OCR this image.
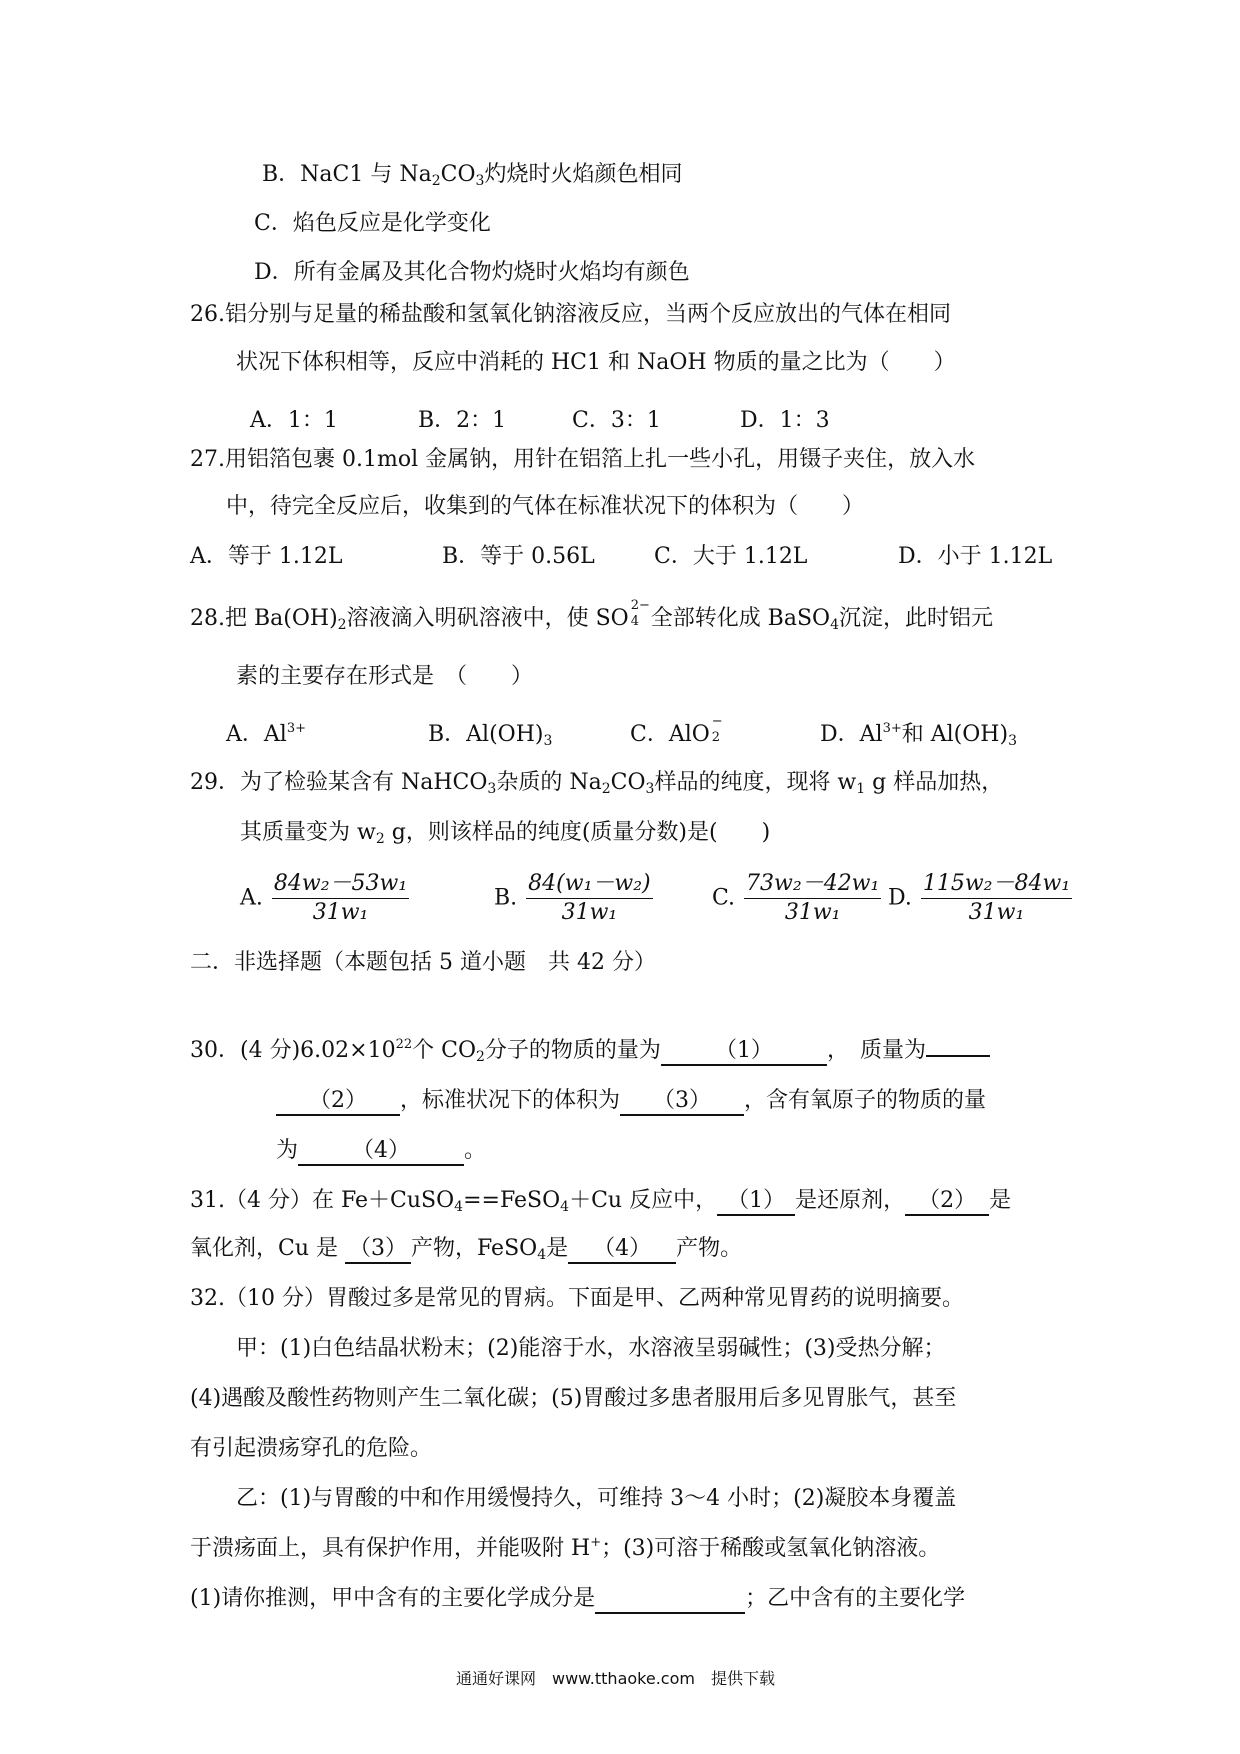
B．NaC1 与 $Na_2CO_3$灼烧时火焰颜色相同
C．焰色反应是化学变化
D．所有金属及其化合物灼烧时火焰均有颜色
26.铝分别与足量的稀盐酸和氢氧化钠溶液反应，当两个反应放出的气体在相同
状况下体积相等，反应中消耗的 HC1 和 NaOH 物质的量之比为（　　）
A．1：1	B．2：1	C．3：1	D．1：3
27.用铝箔包裹 0.1mol 金属钠，用针在铝箔上扎一些小孔，用镊子夹住，放入水
中，待完全反应后，收集到的气体在标准状况下的体积为（　　）
A．等于 1.12L	B．等于 0.56L	C．大于 1.12L	D．小于 1.12L
28.把 $Ba(OH)_2$溶液滴入明矾溶液中，使 SO
2−
4 全部转化成 BaSO$_4$沉淀，此时铝元
素的主要存在形式是　（　　）
A．$Al^{3+}$	B．$Al(OH)_3$	C．AlO
−
2	D．$Al^{3+}$和 $Al(OH)_3$
29．为了检验某含有 NaHCO$_3$杂质的 $Na_2CO_3$样品的纯度，现将 $w_1$ g 样品加热，
其质量变为 $w_2$ g，则该样品的纯度(质量分数)是(　　)
A. $\frac{\text{84w₂－53w₁}}{\text{31w₁}}$	B. $\frac{\text{84(w₁－w₂)}}{\text{31w₁}}$	C. $\frac{\text{73w₂－42w₁}}{\text{31w₁}} D$. $\frac{\text{115w₂－84w₁}}{\text{31w₁}}$
二．非选择题（本题包括 5 道小题　共 42 分）
30．(4 分)$6.02\times 10^{22}$个 $CO_2$分子的物质的量为 （1） ，　质量为
（2） ，标准状况下的体积为 （3） ，含有氧原子的物质的量
为 （4） 。
31.（4 分）在 Fe＋CuSO$_4$==FeSO$_4$＋Cu 反应中， （1） 是还原剂， （2） 是
氧化剂，Cu 是 （3） 产物，FeSO$_4$是 （4） 产物。
32.（10 分）胃酸过多是常见的胃病。下面是甲、乙两种常见胃药的说明摘要。
甲：(1)白色结晶状粉末；(2)能溶于水，水溶液呈弱碱性；(3)受热分解；
(4)遇酸及酸性药物则产生二氧化碳；(5)胃酸过多患者服用后多见胃胀气，甚至
有引起溃疡穿孔的危险。
乙：(1)与胃酸的中和作用缓慢持久，可维持 3～4 小时；(2)凝胶本身覆盖
于溃疡面上，具有保护作用，并能吸附 H+；(3)可溶于稀酸或氢氧化钠溶液。
(1)请你推测，甲中含有的主要化学成分是	；乙中含有的主要化学
通通好课网　www.tthaoke.com　提供下载
